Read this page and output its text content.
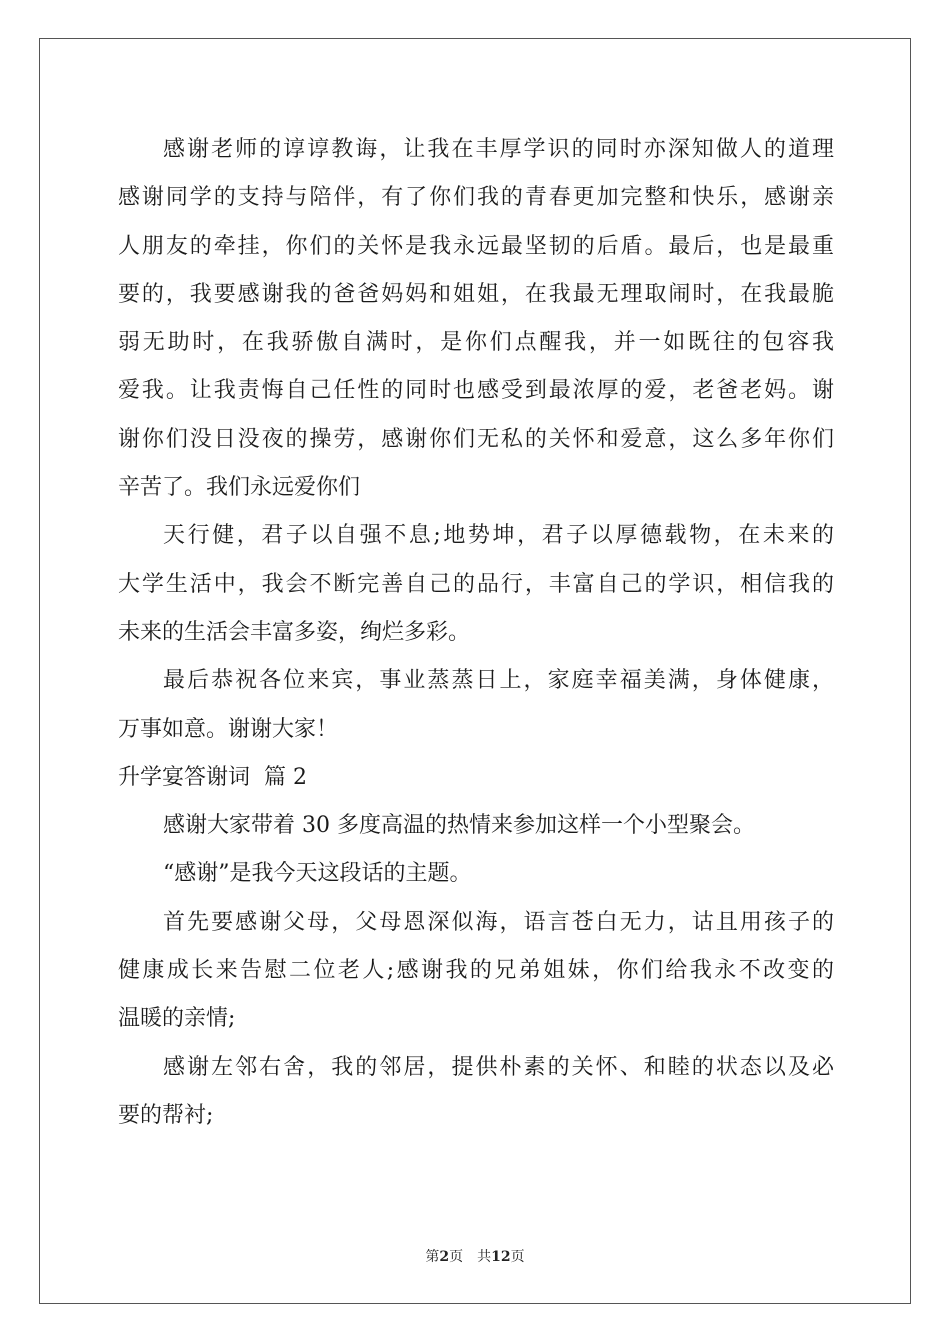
感谢老师的谆谆教诲，让我在丰厚学识的同时亦深知做人的道理
感谢同学的支持与陪伴，有了你们我的青春更加完整和快乐，感谢亲
人朋友的牵挂，你们的关怀是我永远最坚韧的后盾。最后，也是最重
要的，我要感谢我的爸爸妈妈和姐姐，在我最无理取闹时，在我最脆
弱无助时，在我骄傲自满时，是你们点醒我，并一如既往的包容我
爱我。让我责悔自己任性的同时也感受到最浓厚的爱，老爸老妈。谢
谢你们没日没夜的操劳，感谢你们无私的关怀和爱意，这么多年你们
辛苦了。我们永远爱你们
天行健，君子以自强不息;地势坤，君子以厚德载物，在未来的
大学生活中，我会不断完善自己的品行，丰富自己的学识，相信我的
未来的生活会丰富多姿，绚烂多彩。
最后恭祝各位来宾，事业蒸蒸日上，家庭幸福美满，身体健康，
万事如意。谢谢大家！
升学宴答谢词  篇 2
感谢大家带着 30 多度高温的热情来参加这样一个小型聚会。
“感谢”是我今天这段话的主题。
首先要感谢父母，父母恩深似海，语言苍白无力，诂且用孩子的
健康成长来告慰二位老人;感谢我的兄弟姐妹，你们给我永不改变的
温暖的亲情;
感谢左邻右舍，我的邻居，提供朴素的关怀、和睦的状态以及必
要的帮衬;
第2页 共12页
